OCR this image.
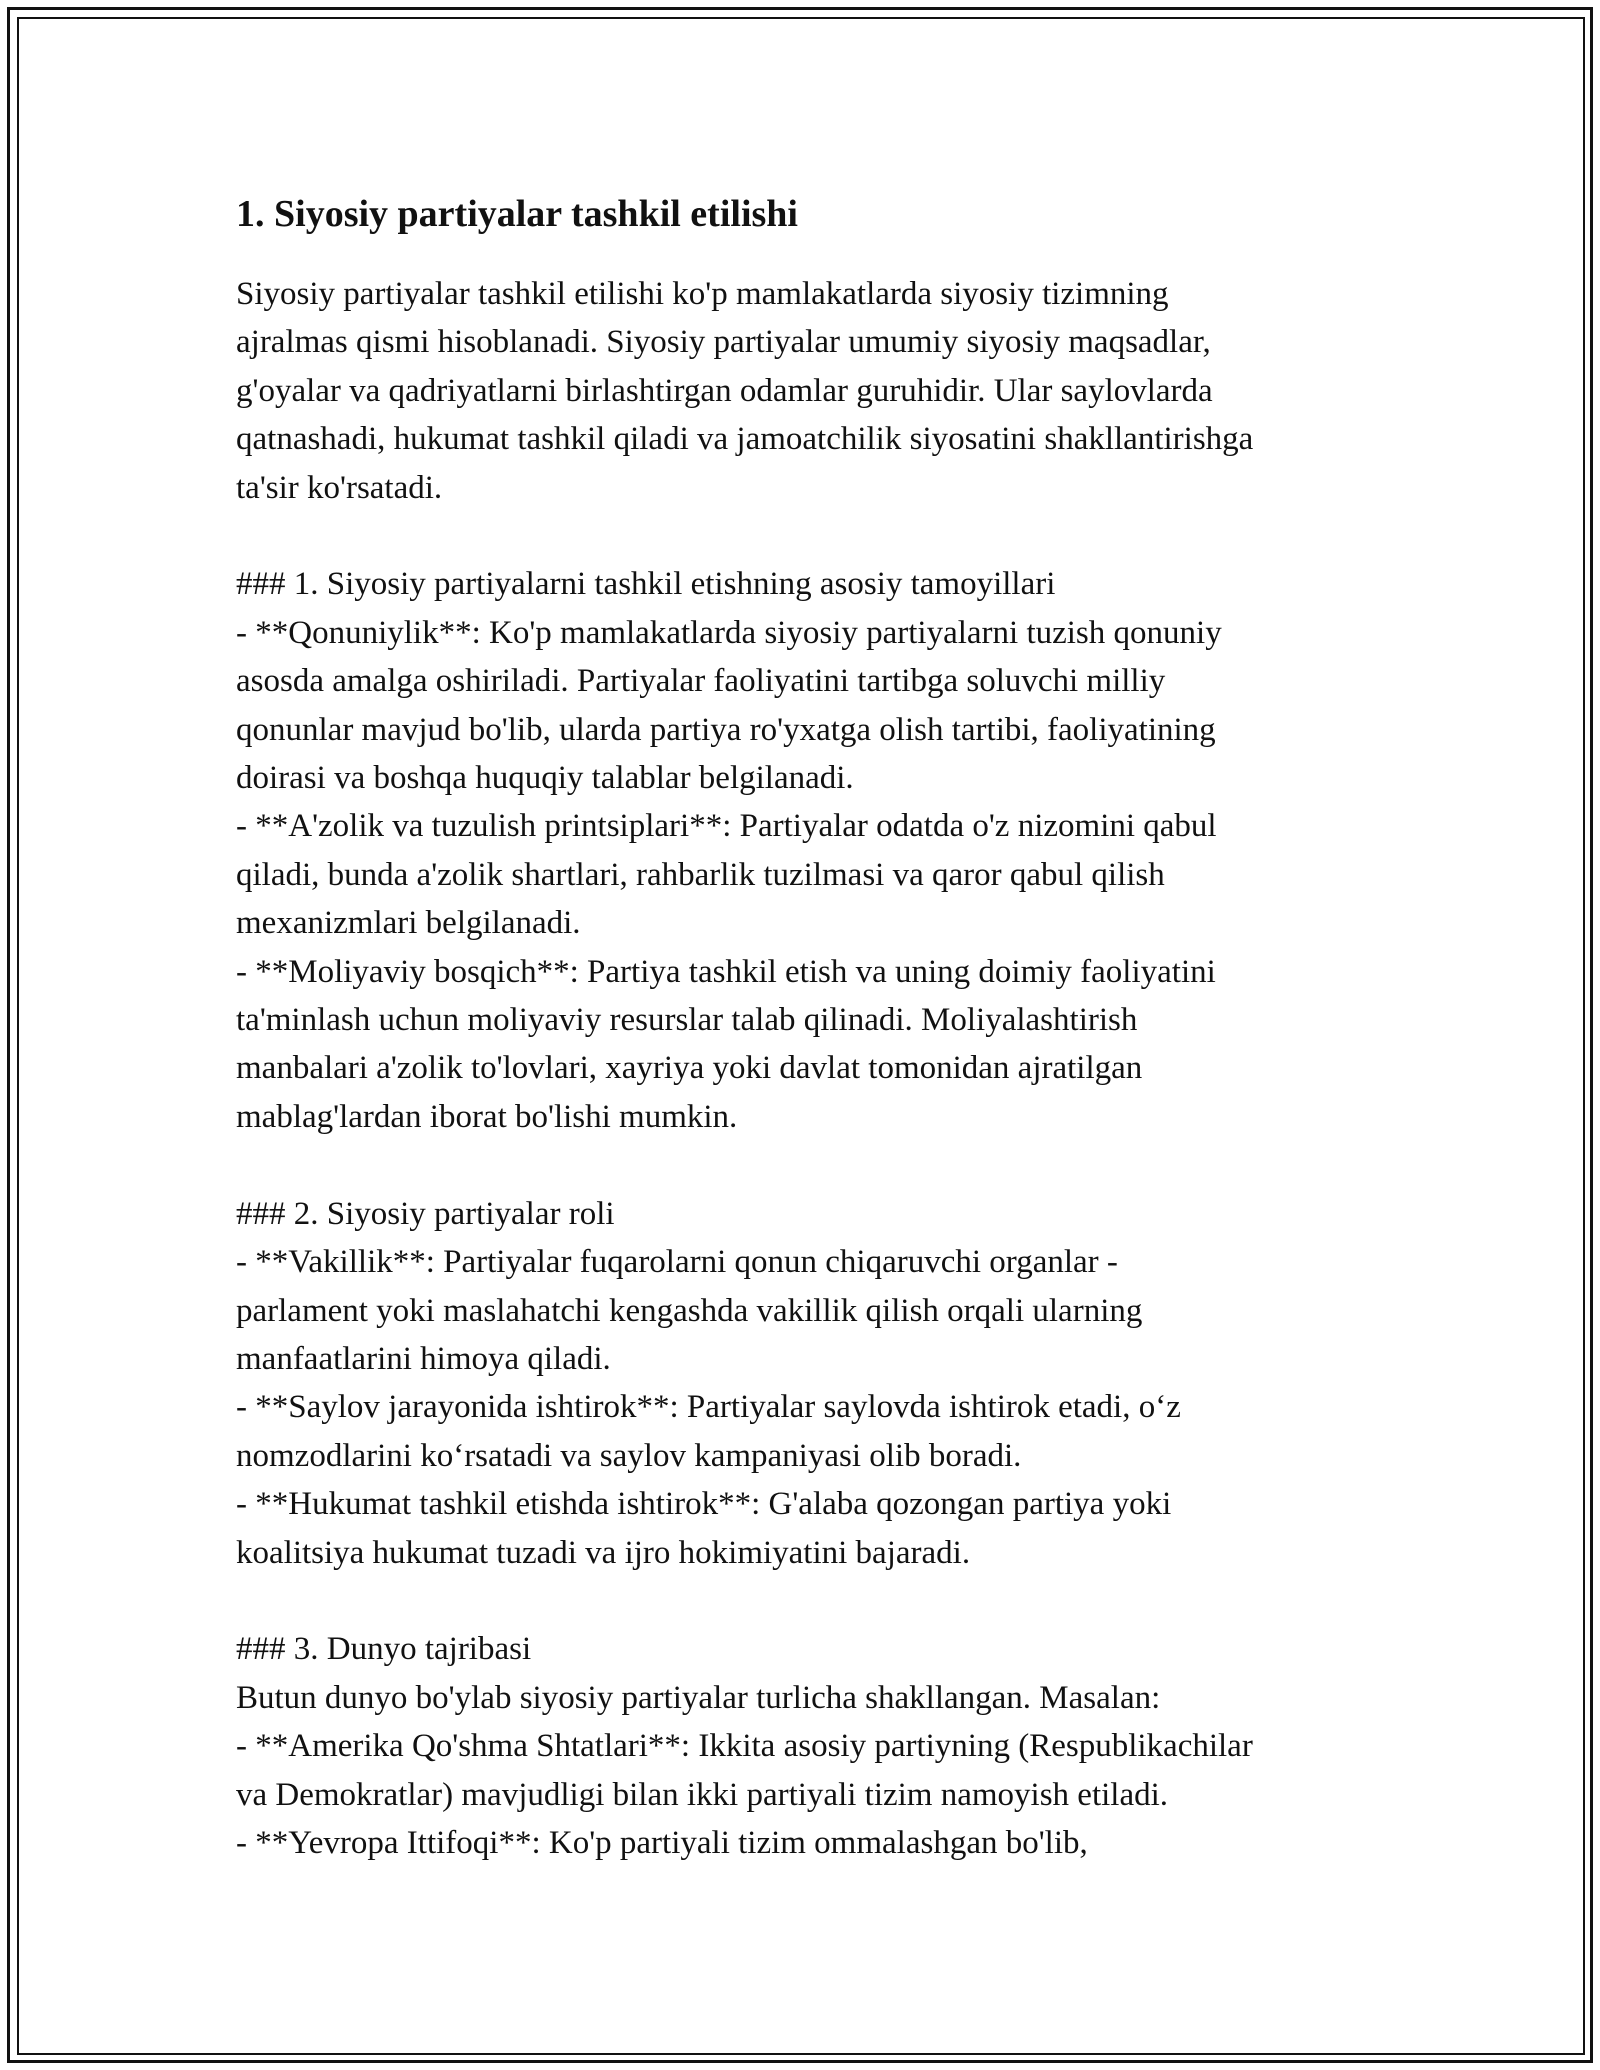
1. Siyosiy partiyalar tashkil etilishi
Siyosiy partiyalar tashkil etilishi ko'p mamlakatlarda siyosiy tizimning
ajralmas qismi hisoblanadi. Siyosiy partiyalar umumiy siyosiy maqsadlar,
g'oyalar va qadriyatlarni birlashtirgan odamlar guruhidir. Ular saylovlarda
qatnashadi, hukumat tashkil qiladi va jamoatchilik siyosatini shakllantirishga
ta'sir ko'rsatadi.
### 1. Siyosiy partiyalarni tashkil etishning asosiy tamoyillari
- **Qonuniylik**: Ko'p mamlakatlarda siyosiy partiyalarni tuzish qonuniy
asosda amalga oshiriladi. Partiyalar faoliyatini tartibga soluvchi milliy
qonunlar mavjud bo'lib, ularda partiya ro'yxatga olish tartibi, faoliyatining
doirasi va boshqa huquqiy talablar belgilanadi.
- **A'zolik va tuzulish printsiplari**: Partiyalar odatda o'z nizomini qabul
qiladi, bunda a'zolik shartlari, rahbarlik tuzilmasi va qaror qabul qilish
mexanizmlari belgilanadi.
- **Moliyaviy bosqich**: Partiya tashkil etish va uning doimiy faoliyatini
ta'minlash uchun moliyaviy resurslar talab qilinadi. Moliyalashtirish
manbalari a'zolik to'lovlari, xayriya yoki davlat tomonidan ajratilgan
mablag'lardan iborat bo'lishi mumkin.
### 2. Siyosiy partiyalar roli
- **Vakillik**: Partiyalar fuqarolarni qonun chiqaruvchi organlar -
parlament yoki maslahatchi kengashda vakillik qilish orqali ularning
manfaatlarini himoya qiladi.
- **Saylov jarayonida ishtirok**: Partiyalar saylovda ishtirok etadi, o‘z
nomzodlarini ko‘rsatadi va saylov kampaniyasi olib boradi.
- **Hukumat tashkil etishda ishtirok**: G'alaba qozongan partiya yoki
koalitsiya hukumat tuzadi va ijro hokimiyatini bajaradi.
### 3. Dunyo tajribasi
Butun dunyo bo'ylab siyosiy partiyalar turlicha shakllangan. Masalan:
- **Amerika Qo'shma Shtatlari**: Ikkita asosiy partiyning (Respublikachilar
va Demokratlar) mavjudligi bilan ikki partiyali tizim namoyish etiladi.
- **Yevropa Ittifoqi**: Ko'p partiyali tizim ommalashgan bo'lib,
